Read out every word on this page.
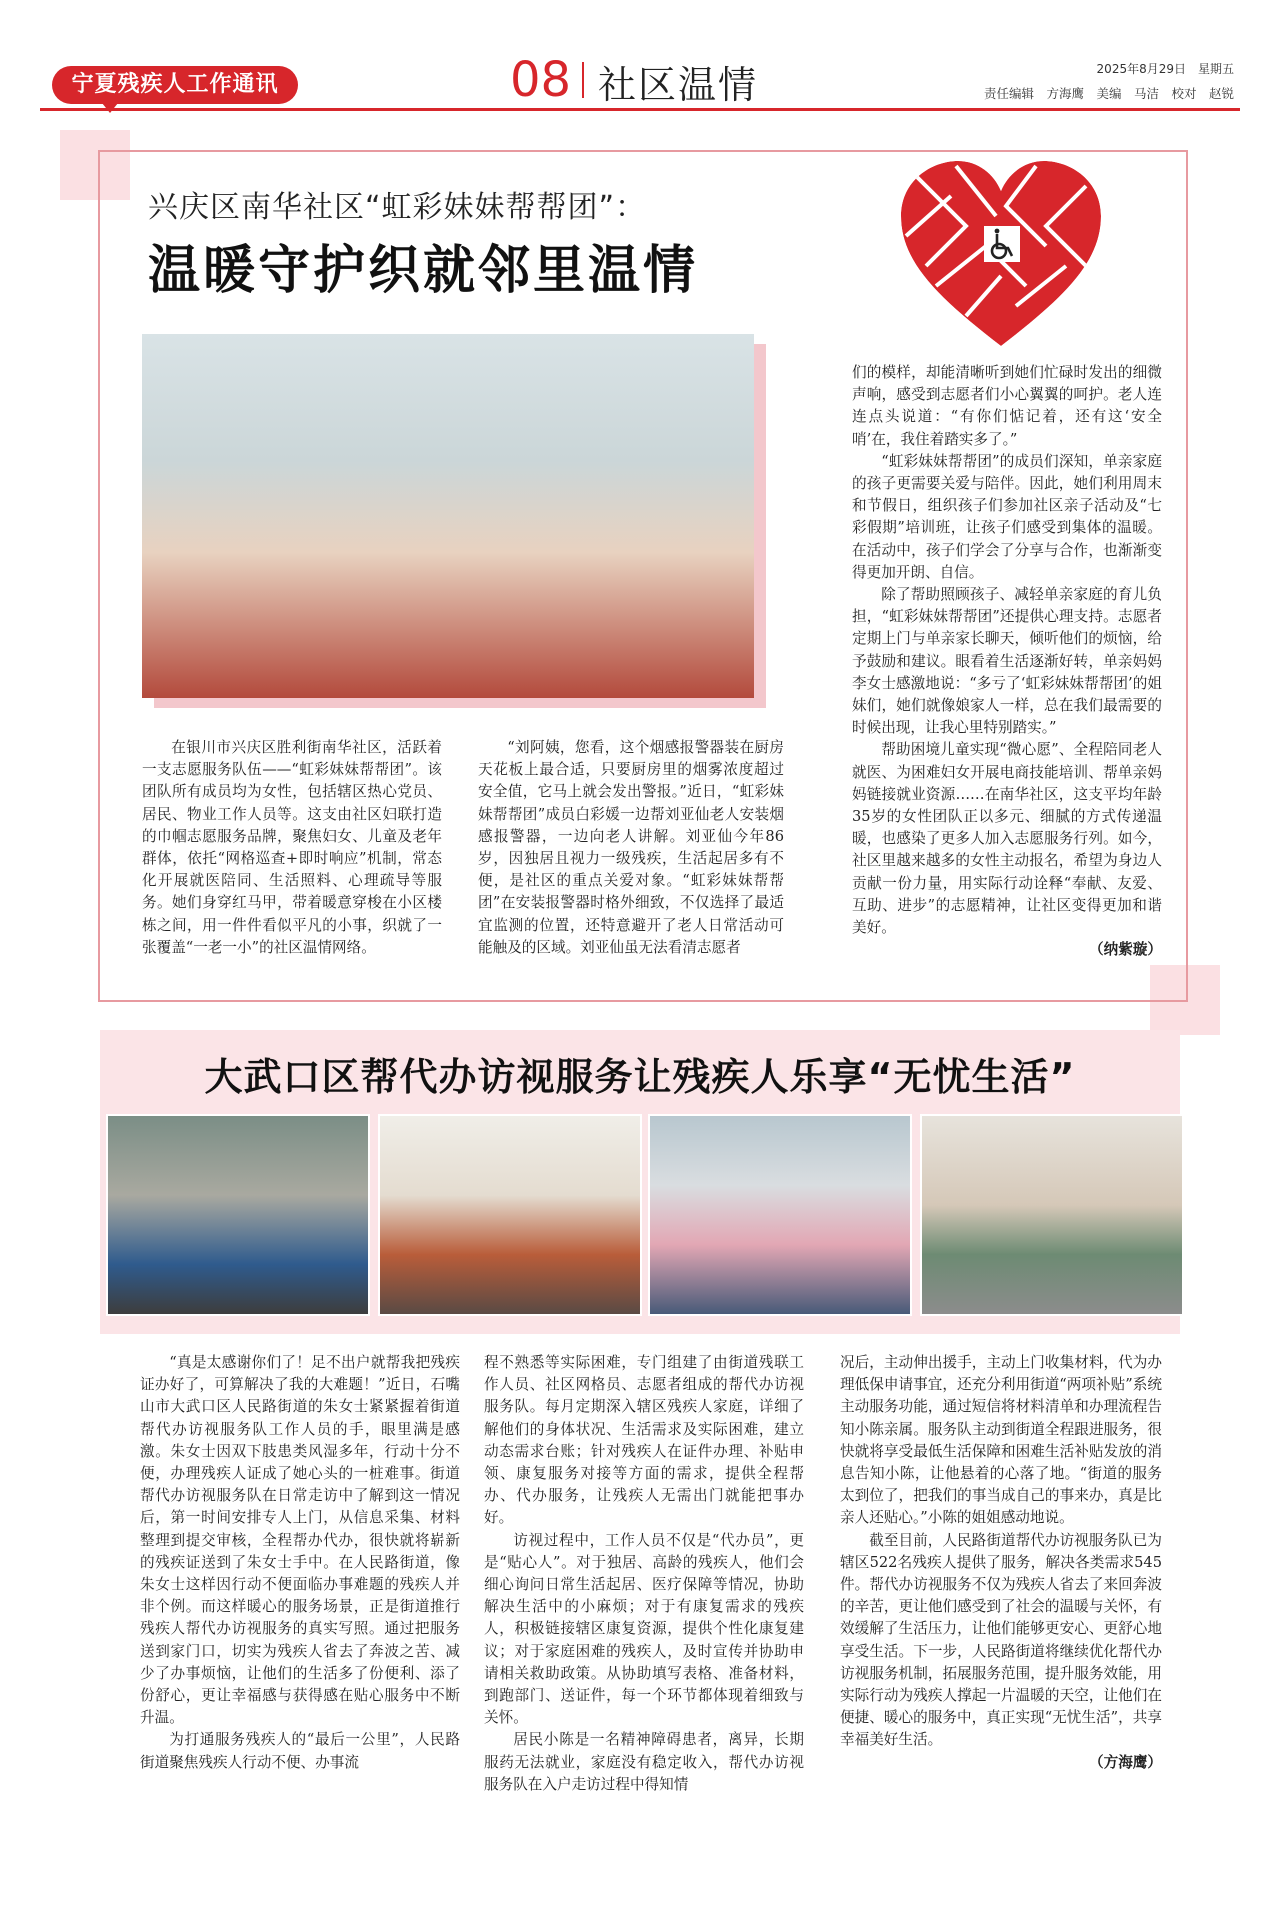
宁夏残疾人工作通讯	08 社区温情	2025年8月29日　星期五
责任编辑　方海鹰　美编　马洁　校对　赵锐
兴庆区南华社区“虹彩妹妹帮帮团”：
温暖守护织就邻里温情

在银川市兴庆区胜利街南华社区，活跃着一支志愿服务队伍——“虹彩妹妹帮帮团”。该团队所有成员均为女性，包括辖区热心党员、居民、物业工作人员等。这支由社区妇联打造的巾帼志愿服务品牌，聚焦妇女、儿童及老年群体，依托“网格巡查+即时响应”机制，常态化开展就医陪同、生活照料、心理疏导等服务。她们身穿红马甲，带着暖意穿梭在小区楼栋之间，用一件件看似平凡的小事，织就了一张覆盖“一老一小”的社区温情网络。

“刘阿姨，您看，这个烟感报警器装在厨房天花板上最合适，只要厨房里的烟雾浓度超过安全值，它马上就会发出警报。”近日，“虹彩妹妹帮帮团”成员白彩媛一边帮刘亚仙老人安装烟感报警器，一边向老人讲解。刘亚仙今年86岁，因独居且视力一级残疾，生活起居多有不便，是社区的重点关爱对象。“虹彩妹妹帮帮团”在安装报警器时格外细致，不仅选择了最适宜监测的位置，还特意避开了老人日常活动可能触及的区域。刘亚仙虽无法看清志愿者

们的模样，却能清晰听到她们忙碌时发出的细微声响，感受到志愿者们小心翼翼的呵护。老人连连点头说道：“有你们惦记着，还有这‘安全哨’在，我住着踏实多了。”

“虹彩妹妹帮帮团”的成员们深知，单亲家庭的孩子更需要关爱与陪伴。因此，她们利用周末和节假日，组织孩子们参加社区亲子活动及“七彩假期”培训班，让孩子们感受到集体的温暖。在活动中，孩子们学会了分享与合作，也渐渐变得更加开朗、自信。

除了帮助照顾孩子、减轻单亲家庭的育儿负担，“虹彩妹妹帮帮团”还提供心理支持。志愿者定期上门与单亲家长聊天，倾听他们的烦恼，给予鼓励和建议。眼看着生活逐渐好转，单亲妈妈李女士感激地说：“多亏了‘虹彩妹妹帮帮团’的姐妹们，她们就像娘家人一样，总在我们最需要的时候出现，让我心里特别踏实。”

帮助困境儿童实现“微心愿”、全程陪同老人就医、为困难妇女开展电商技能培训、帮单亲妈妈链接就业资源……在南华社区，这支平均年龄35岁的女性团队正以多元、细腻的方式传递温暖，也感染了更多人加入志愿服务行列。如今，社区里越来越多的女性主动报名，希望为身边人贡献一份力量，用实际行动诠释“奉献、友爱、互助、进步”的志愿精神，让社区变得更加和谐美好。

（纳紫璇）

大武口区帮代办访视服务让残疾人乐享“无忧生活”

“真是太感谢你们了！足不出户就帮我把残疾证办好了，可算解决了我的大难题！”近日，石嘴山市大武口区人民路街道的朱女士紧紧握着街道帮代办访视服务队工作人员的手，眼里满是感激。朱女士因双下肢患类风湿多年，行动十分不便，办理残疾人证成了她心头的一桩难事。街道帮代办访视服务队在日常走访中了解到这一情况后，第一时间安排专人上门，从信息采集、材料整理到提交审核，全程帮办代办，很快就将崭新的残疾证送到了朱女士手中。在人民路街道，像朱女士这样因行动不便面临办事难题的残疾人并非个例。而这样暖心的服务场景，正是街道推行残疾人帮代办访视服务的真实写照。通过把服务送到家门口，切实为残疾人省去了奔波之苦、减少了办事烦恼，让他们的生活多了份便利、添了份舒心，更让幸福感与获得感在贴心服务中不断升温。

为打通服务残疾人的“最后一公里”，人民路街道聚焦残疾人行动不便、办事流

程不熟悉等实际困难，专门组建了由街道残联工作人员、社区网格员、志愿者组成的帮代办访视服务队。每月定期深入辖区残疾人家庭，详细了解他们的身体状况、生活需求及实际困难，建立动态需求台账；针对残疾人在证件办理、补贴申领、康复服务对接等方面的需求，提供全程帮办、代办服务，让残疾人无需出门就能把事办好。

访视过程中，工作人员不仅是“代办员”，更是“贴心人”。对于独居、高龄的残疾人，他们会细心询问日常生活起居、医疗保障等情况，协助解决生活中的小麻烦；对于有康复需求的残疾人，积极链接辖区康复资源，提供个性化康复建议；对于家庭困难的残疾人，及时宣传并协助申请相关救助政策。从协助填写表格、准备材料，到跑部门、送证件，每一个环节都体现着细致与关怀。

居民小陈是一名精神障碍患者，离异，长期服药无法就业，家庭没有稳定收入，帮代办访视服务队在入户走访过程中得知情

况后，主动伸出援手，主动上门收集材料，代为办理低保申请事宜，还充分利用街道“两项补贴”系统主动服务功能，通过短信将材料清单和办理流程告知小陈亲属。服务队主动到街道全程跟进服务，很快就将享受最低生活保障和困难生活补贴发放的消息告知小陈，让他悬着的心落了地。“街道的服务太到位了，把我们的事当成自己的事来办，真是比亲人还贴心。”小陈的姐姐感动地说。

截至目前，人民路街道帮代办访视服务队已为辖区522名残疾人提供了服务，解决各类需求545件。帮代办访视服务不仅为残疾人省去了来回奔波的辛苦，更让他们感受到了社会的温暖与关怀，有效缓解了生活压力，让他们能够更安心、更舒心地享受生活。下一步，人民路街道将继续优化帮代办访视服务机制，拓展服务范围，提升服务效能，用实际行动为残疾人撑起一片温暖的天空，让他们在便捷、暖心的服务中，真正实现“无忧生活”，共享幸福美好生活。

（方海鹰）
